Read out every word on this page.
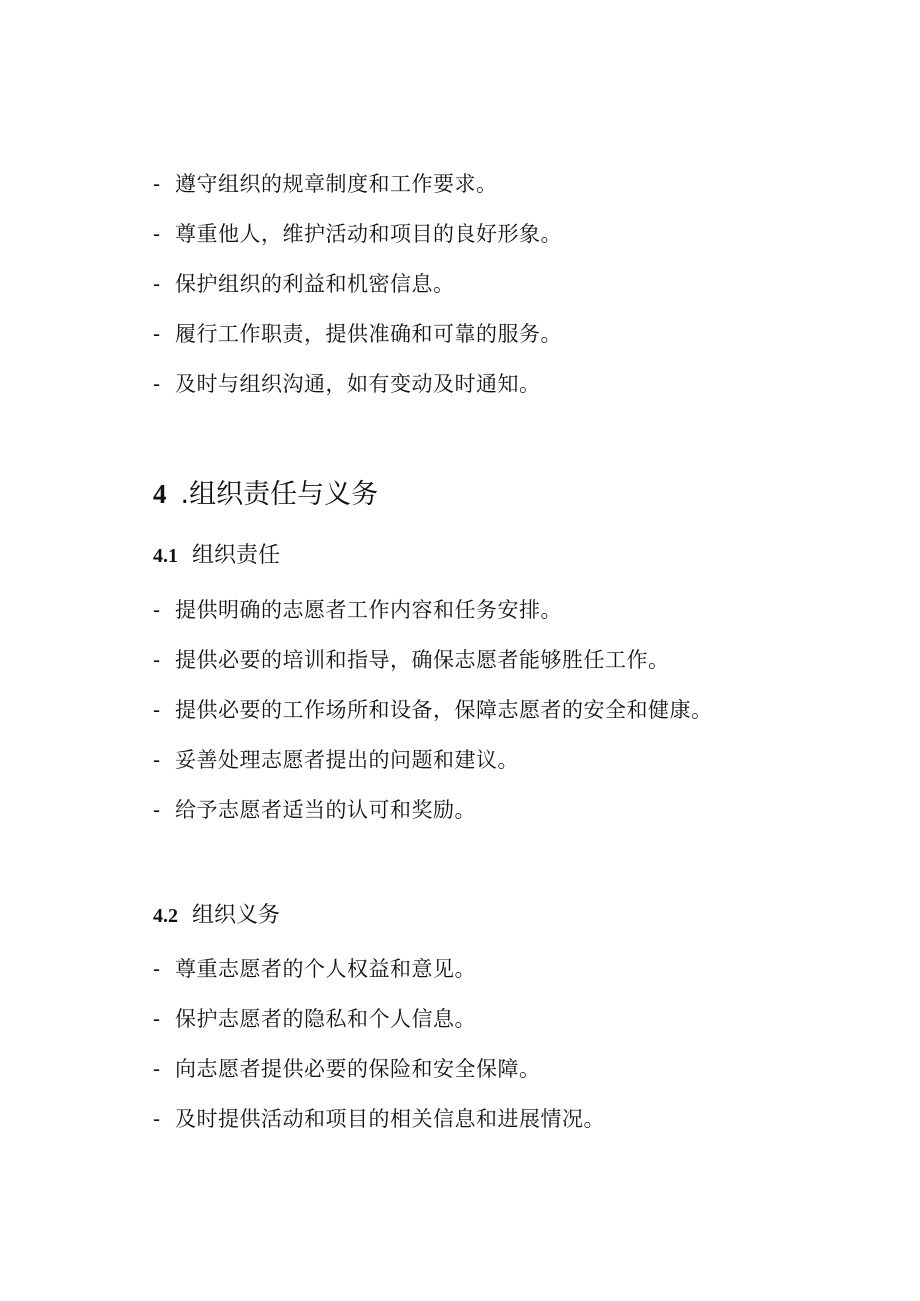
- 遵守组织的规章制度和工作要求。
- 尊重他人，维护活动和项目的良好形象。
- 保护组织的利益和机密信息。
- 履行工作职责，提供准确和可靠的服务。
- 及时与组织沟通，如有变动及时通知。
4 .组织责任与义务
4.1 组织责任
- 提供明确的志愿者工作内容和任务安排。
- 提供必要的培训和指导，确保志愿者能够胜任工作。
- 提供必要的工作场所和设备，保障志愿者的安全和健康。
- 妥善处理志愿者提出的问题和建议。
- 给予志愿者适当的认可和奖励。
4.2 组织义务
- 尊重志愿者的个人权益和意见。
- 保护志愿者的隐私和个人信息。
- 向志愿者提供必要的保险和安全保障。
- 及时提供活动和项目的相关信息和进展情况。
